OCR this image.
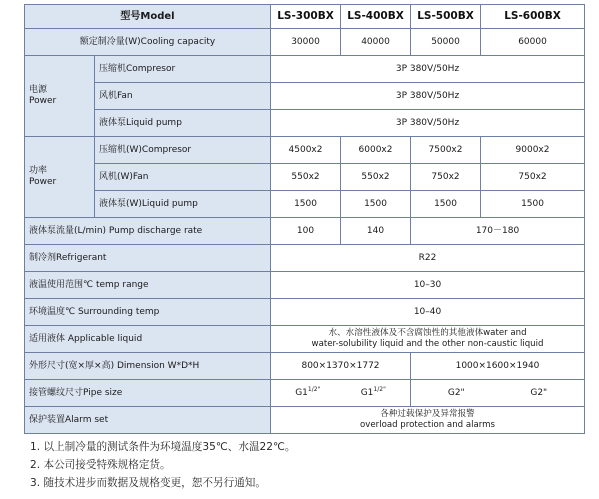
型号Model		LS-300BX	LS-400BX	LS-500BX	LS-600BX
额定制冷量(W)Cooling capacity		30000	40000	50000	60000

电源
Power	压缩机Compresor	3P 380V/50Hz			
	风机Fan	3P 380V/50Hz			
	液体泵Liquid pump	3P 380V/50Hz			

功率
Power	压缩机(W)Compresor	4500x2	6000x2	7500x2	9000x2
	风机(W)Fan	550x2	550x2	750x2	750x2
	液体泵(W)Liquid pump	1500	1500	1500	1500
液体泵流量(L/min) Pump discharge rate		100	140	170－180	
制冷剂Refrigerant		R22			
液温使用范围℃ temp range		10–30			
环境温度℃ Surrounding temp		10–40			
适用液体 Applicable liquid		水、水溶性液体及不含腐蚀性的其他液体water and
water-solubility liquid and the other non-caustic liquid			

外形尺寸(宽×厚×高) Dimension W*D*H		800×1370×1772		1000×1600×1940	
接管螺纹尺寸Pipe size		$G1^{1/2"}$ $G1^{1/2"}$		G2" G2"	

保护装置Alarm set		各种过载保护及异常报警
overload protection and alarms			
1. 以上制冷量的测试条件为环境温度35℃、水温22℃。
2. 本公司接受特殊规格定货。
3. 随技术进步而数据及规格变更，恕不另行通知。
